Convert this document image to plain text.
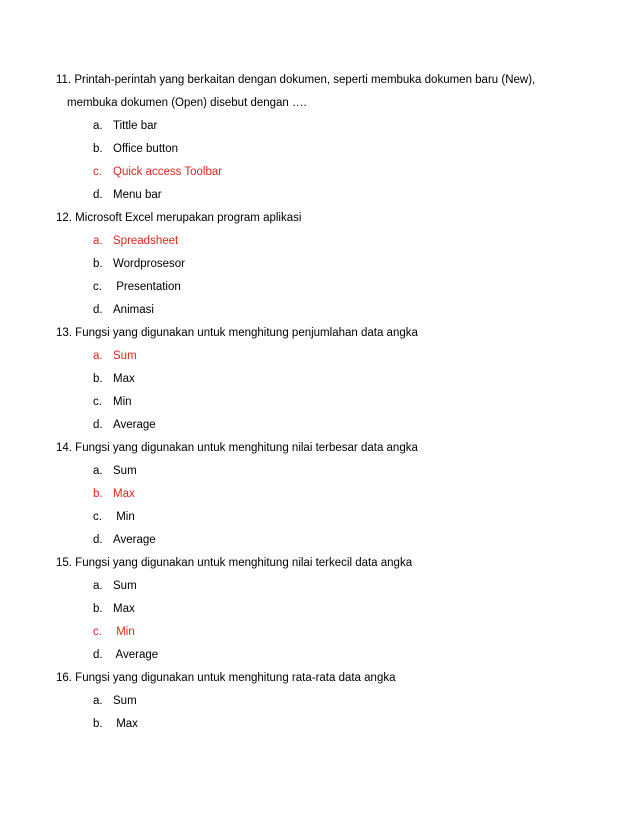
11. Printah-perintah yang berkaitan dengan dokumen, seperti membuka dokumen baru (New),
membuka dokumen (Open) disebut dengan ….
a. Tittle bar
b. Office button
c. Quick access Toolbar
d. Menu bar
12. Microsoft Excel merupakan program aplikasi
a. Spreadsheet
b. Wordprosesor
c. Presentation
d. Animasi
13. Fungsi yang digunakan untuk menghitung penjumlahan data angka
a. Sum
b. Max
c. Min
d. Average
14. Fungsi yang digunakan untuk menghitung nilai terbesar data angka
a. Sum
b. Max
c. Min
d. Average
15. Fungsi yang digunakan untuk menghitung nilai terkecil data angka
a. Sum
b. Max
c. Min
d. Average
16. Fungsi yang digunakan untuk menghitung rata-rata data angka
a. Sum
b. Max
